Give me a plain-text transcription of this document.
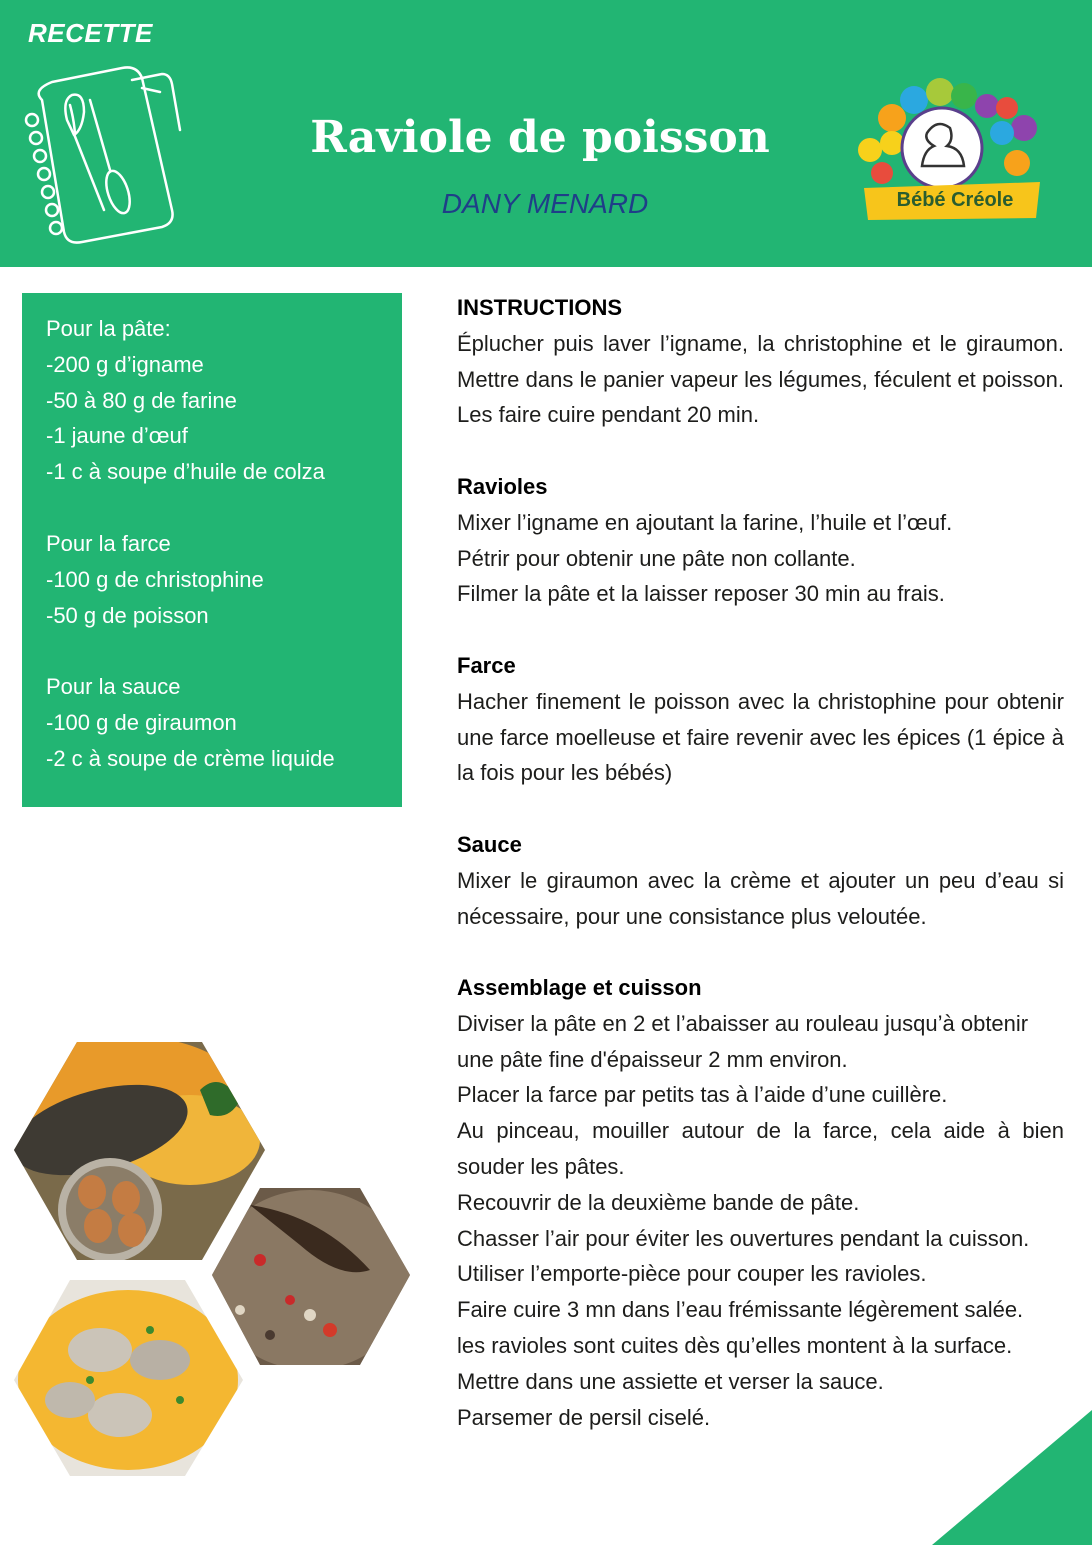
RECETTE
Raviole de poisson
DANY MENARD	Bébé Créole
Pour la pâte:
-200 g d’igname
-50 à 80 g de farine
-1 jaune d’œuf
-1 c à soupe d’huile de colza
Pour la farce
-100 g de christophine
-50 g de poisson
Pour la sauce
-100 g de giraumon
-2 c à soupe de crème liquide
INSTRUCTIONS

Éplucher puis laver l’igname, la christophine et le giraumon. Mettre dans le panier vapeur les légumes, féculent et poisson. Les faire cuire pendant 20 min.

Ravioles
Mixer l’igname en ajoutant la farine, l’huile et l’œuf.
Pétrir pour obtenir une pâte non collante.
Filmer la pâte et la laisser reposer 30 min au frais.
Farce

Hacher finement le poisson avec la christophine pour obtenir une farce moelleuse et faire revenir avec les épices (1 épice à la fois pour les bébés)

Sauce

Mixer le giraumon avec la crème et ajouter un peu d’eau si nécessaire, pour une consistance plus veloutée.

Assemblage et cuisson
Diviser la pâte en 2 et l’abaisser au rouleau jusqu’à obtenir
une pâte fine d'épaisseur 2 mm environ.
Placer la farce par petits tas à l’aide d’une cuillère.

Au pinceau, mouiller autour de la farce, cela aide à bien souder les pâtes.

Recouvrir de la deuxième bande de pâte.
Chasser l’air pour éviter les ouvertures pendant la cuisson.
Utiliser l’emporte-pièce pour couper les ravioles.
Faire cuire 3 mn dans l’eau frémissante légèrement salée.
les ravioles sont cuites dès qu’elles montent à la surface.
Mettre dans une assiette et verser la sauce.
Parsemer de persil ciselé.
